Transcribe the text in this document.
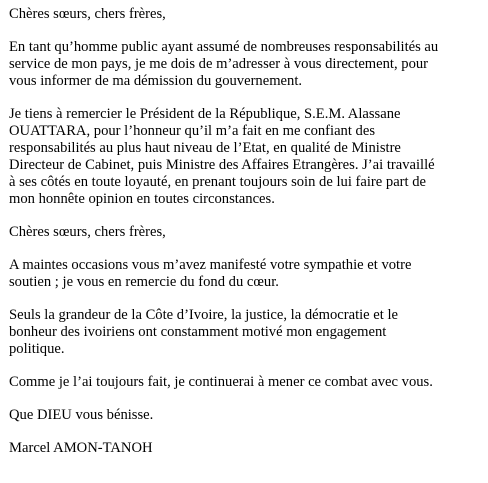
Chères sœurs, chers frères,

En tant qu’homme public ayant assumé de nombreuses responsabilités au
service de mon pays, je me dois de m’adresser à vous directement, pour
vous informer de ma démission du gouvernement.

Je tiens à remercier le Président de la République, S.E.M. Alassane
OUATTARA, pour l’honneur qu’il m’a fait en me confiant des
responsabilités au plus haut niveau de l’Etat, en qualité de Ministre
Directeur de Cabinet, puis Ministre des Affaires Etrangères. J’ai travaillé
à ses côtés en toute loyauté, en prenant toujours soin de lui faire part de
mon honnête opinion en toutes circonstances.

Chères sœurs, chers frères,

A maintes occasions vous m’avez manifesté votre sympathie et votre
soutien ; je vous en remercie du fond du cœur.

Seuls la grandeur de la Côte d’Ivoire, la justice, la démocratie et le
bonheur des ivoiriens ont constamment motivé mon engagement
politique.

Comme je l’ai toujours fait, je continuerai à mener ce combat avec vous.

Que DIEU vous bénisse.

Marcel AMON-TANOH
